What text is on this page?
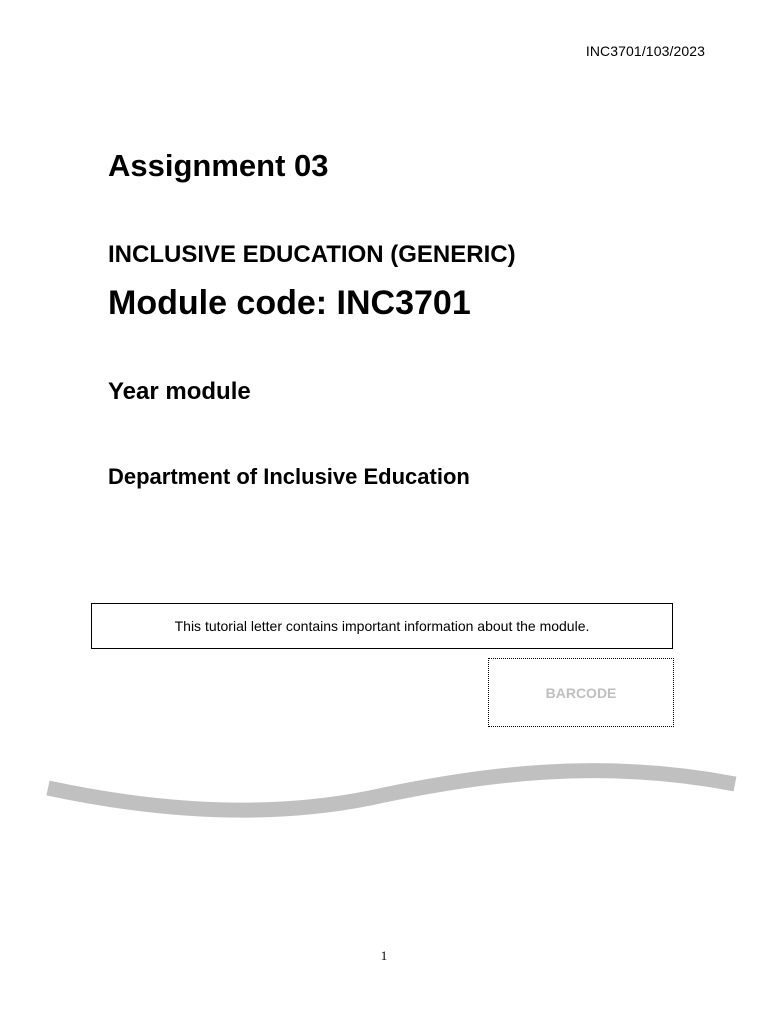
INC3701/103/2023
Assignment 03
INCLUSIVE EDUCATION (GENERIC)
Module code: INC3701
Year module
Department of Inclusive Education
This tutorial letter contains important information about the module.
BARCODE
1
